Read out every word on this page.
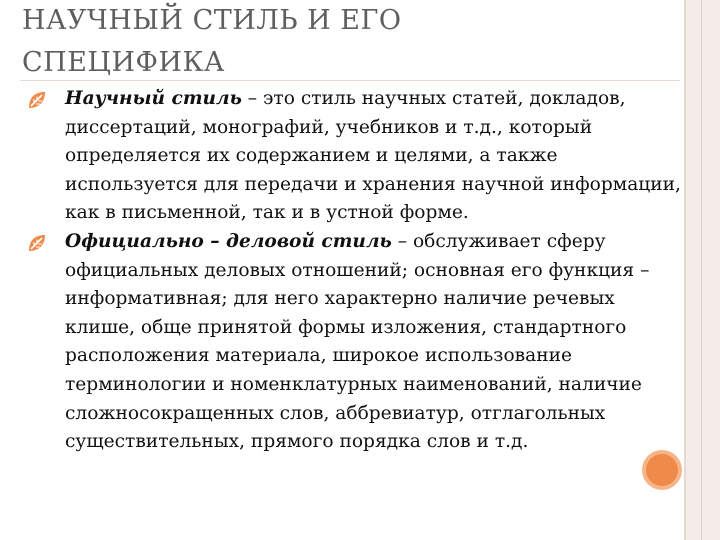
НАУЧНЫЙ СТИЛЬ И ЕГО
СПЕЦИФИКА

Научный стиль – это стиль научных статей, докладов, диссертаций, монографий, учебников и т.д., который определяется их содержанием и целями, а также используется для передачи и хранения научной информации, как в письменной, так и в устной форме.

Официально – деловой стиль – обслуживает сферу официальных деловых отношений; основная его функция – информативная; для него характерно наличие речевых клише, обще принятой формы изложения, стандартного расположения материала, широкое использование терминологии и номенклатурных наименований, наличие сложносокращенных слов, аббревиатур, отглагольных существительных, прямого порядка слов и т.д.
